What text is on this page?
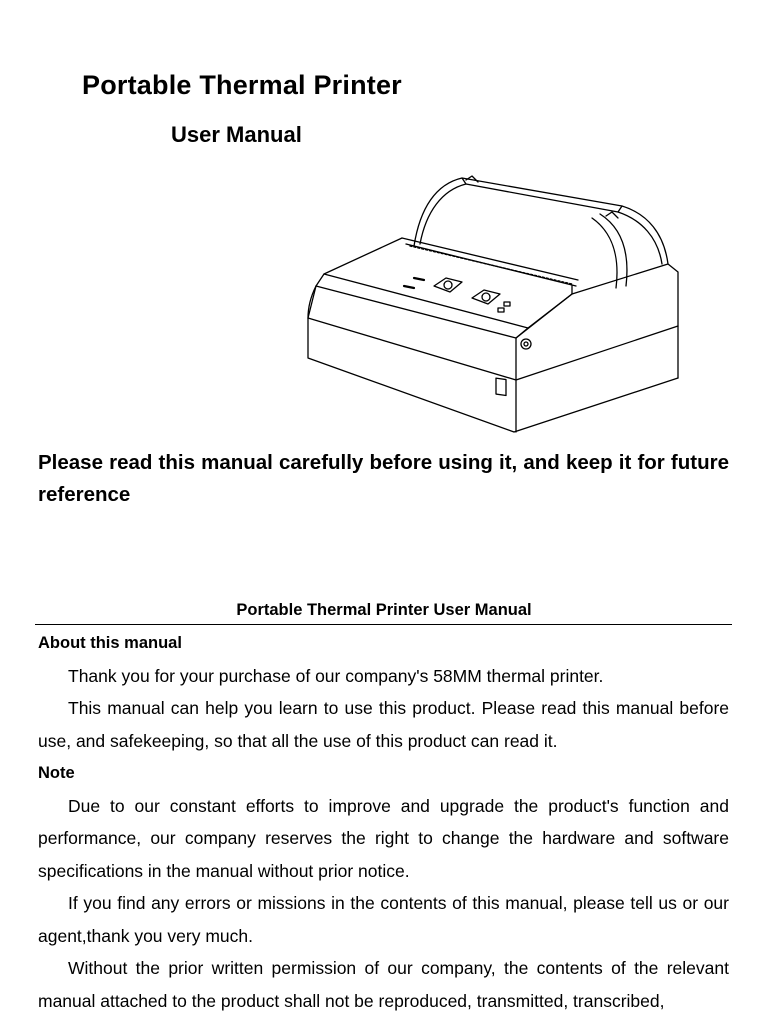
Portable Thermal Printer
User Manual
Please read this manual carefully before using it, and keep it for future reference
Portable Thermal Printer User Manual
About this manual

Thank you for your purchase of our company's 58MM thermal printer.

This manual can help you learn to use this product. Please read this manual before use, and safekeeping, so that all the use of this product can read it.

Note

Due to our constant efforts to improve and upgrade the product's function and performance, our company reserves the right to change the hardware and software specifications in the manual without prior notice.

If you find any errors or missions in the contents of this manual, please tell us or our agent,thank you very much.

Without the prior written permission of our company, the contents of the relevant manual attached to the product shall not be reproduced, transmitted, transcribed,
